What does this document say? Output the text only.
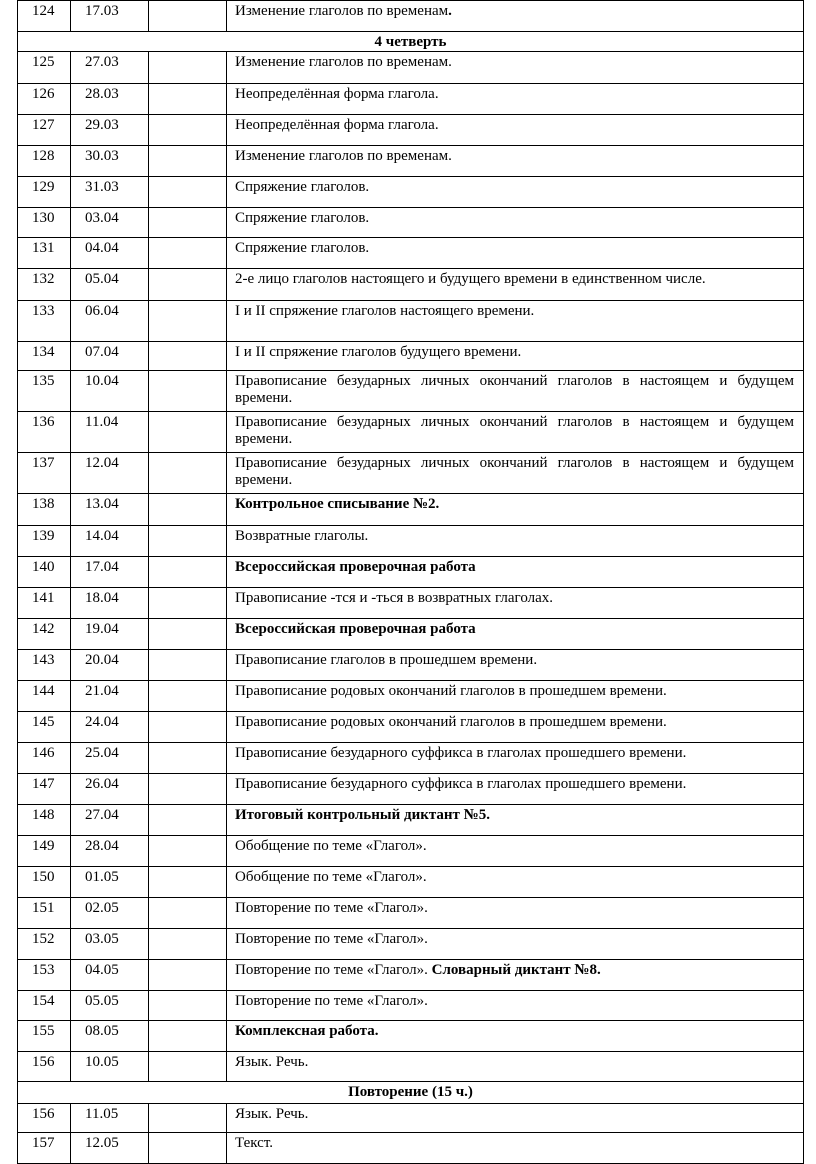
124	17.03		Изменение глаголов по временам.
4 четверть			
125	27.03		Изменение глаголов по временам.
126	28.03		Неопределённая форма глагола.
127	29.03		Неопределённая форма глагола.
128	30.03		Изменение глаголов по временам.
129	31.03		Спряжение глаголов.
130	03.04		Спряжение глаголов.
131	04.04		Спряжение глаголов.
132	05.04		2-е лицо глаголов настоящего и будущего времени в единственном числе.
133	06.04		I и II спряжение глаголов настоящего времени.
134	07.04		I и II спряжение глаголов будущего времени.
135	10.04		Правописание безударных личных окончаний глаголов в настоящем и будущем времени.
136	11.04		Правописание безударных личных окончаний глаголов в настоящем и будущем времени.
137	12.04		Правописание безударных личных окончаний глаголов в настоящем и будущем времени.
138	13.04		Контрольное списывание №2.
139	14.04		Возвратные глаголы.
140	17.04		Всероссийская проверочная работа
141	18.04		Правописание -тся и -ться в возвратных глаголах.
142	19.04		Всероссийская проверочная работа
143	20.04		Правописание глаголов в прошедшем времени.
144	21.04		Правописание родовых окончаний глаголов в прошедшем времени.
145	24.04		Правописание родовых окончаний глаголов в прошедшем времени.
146	25.04		Правописание безударного суффикса в глаголах прошедшего времени.
147	26.04		Правописание безударного суффикса в глаголах прошедшего времени.
148	27.04		Итоговый контрольный диктант №5.
149	28.04		Обобщение по теме «Глагол».
150	01.05		Обобщение по теме «Глагол».
151	02.05		Повторение по теме «Глагол».
152	03.05		Повторение по теме «Глагол».
153	04.05		Повторение по теме «Глагол». Словарный диктант №8.
154	05.05		Повторение по теме «Глагол».
155	08.05		Комплексная работа.
156	10.05		Язык. Речь.
Повторение (15 ч.)			
156	11.05		Язык. Речь.
157	12.05		Текст.
